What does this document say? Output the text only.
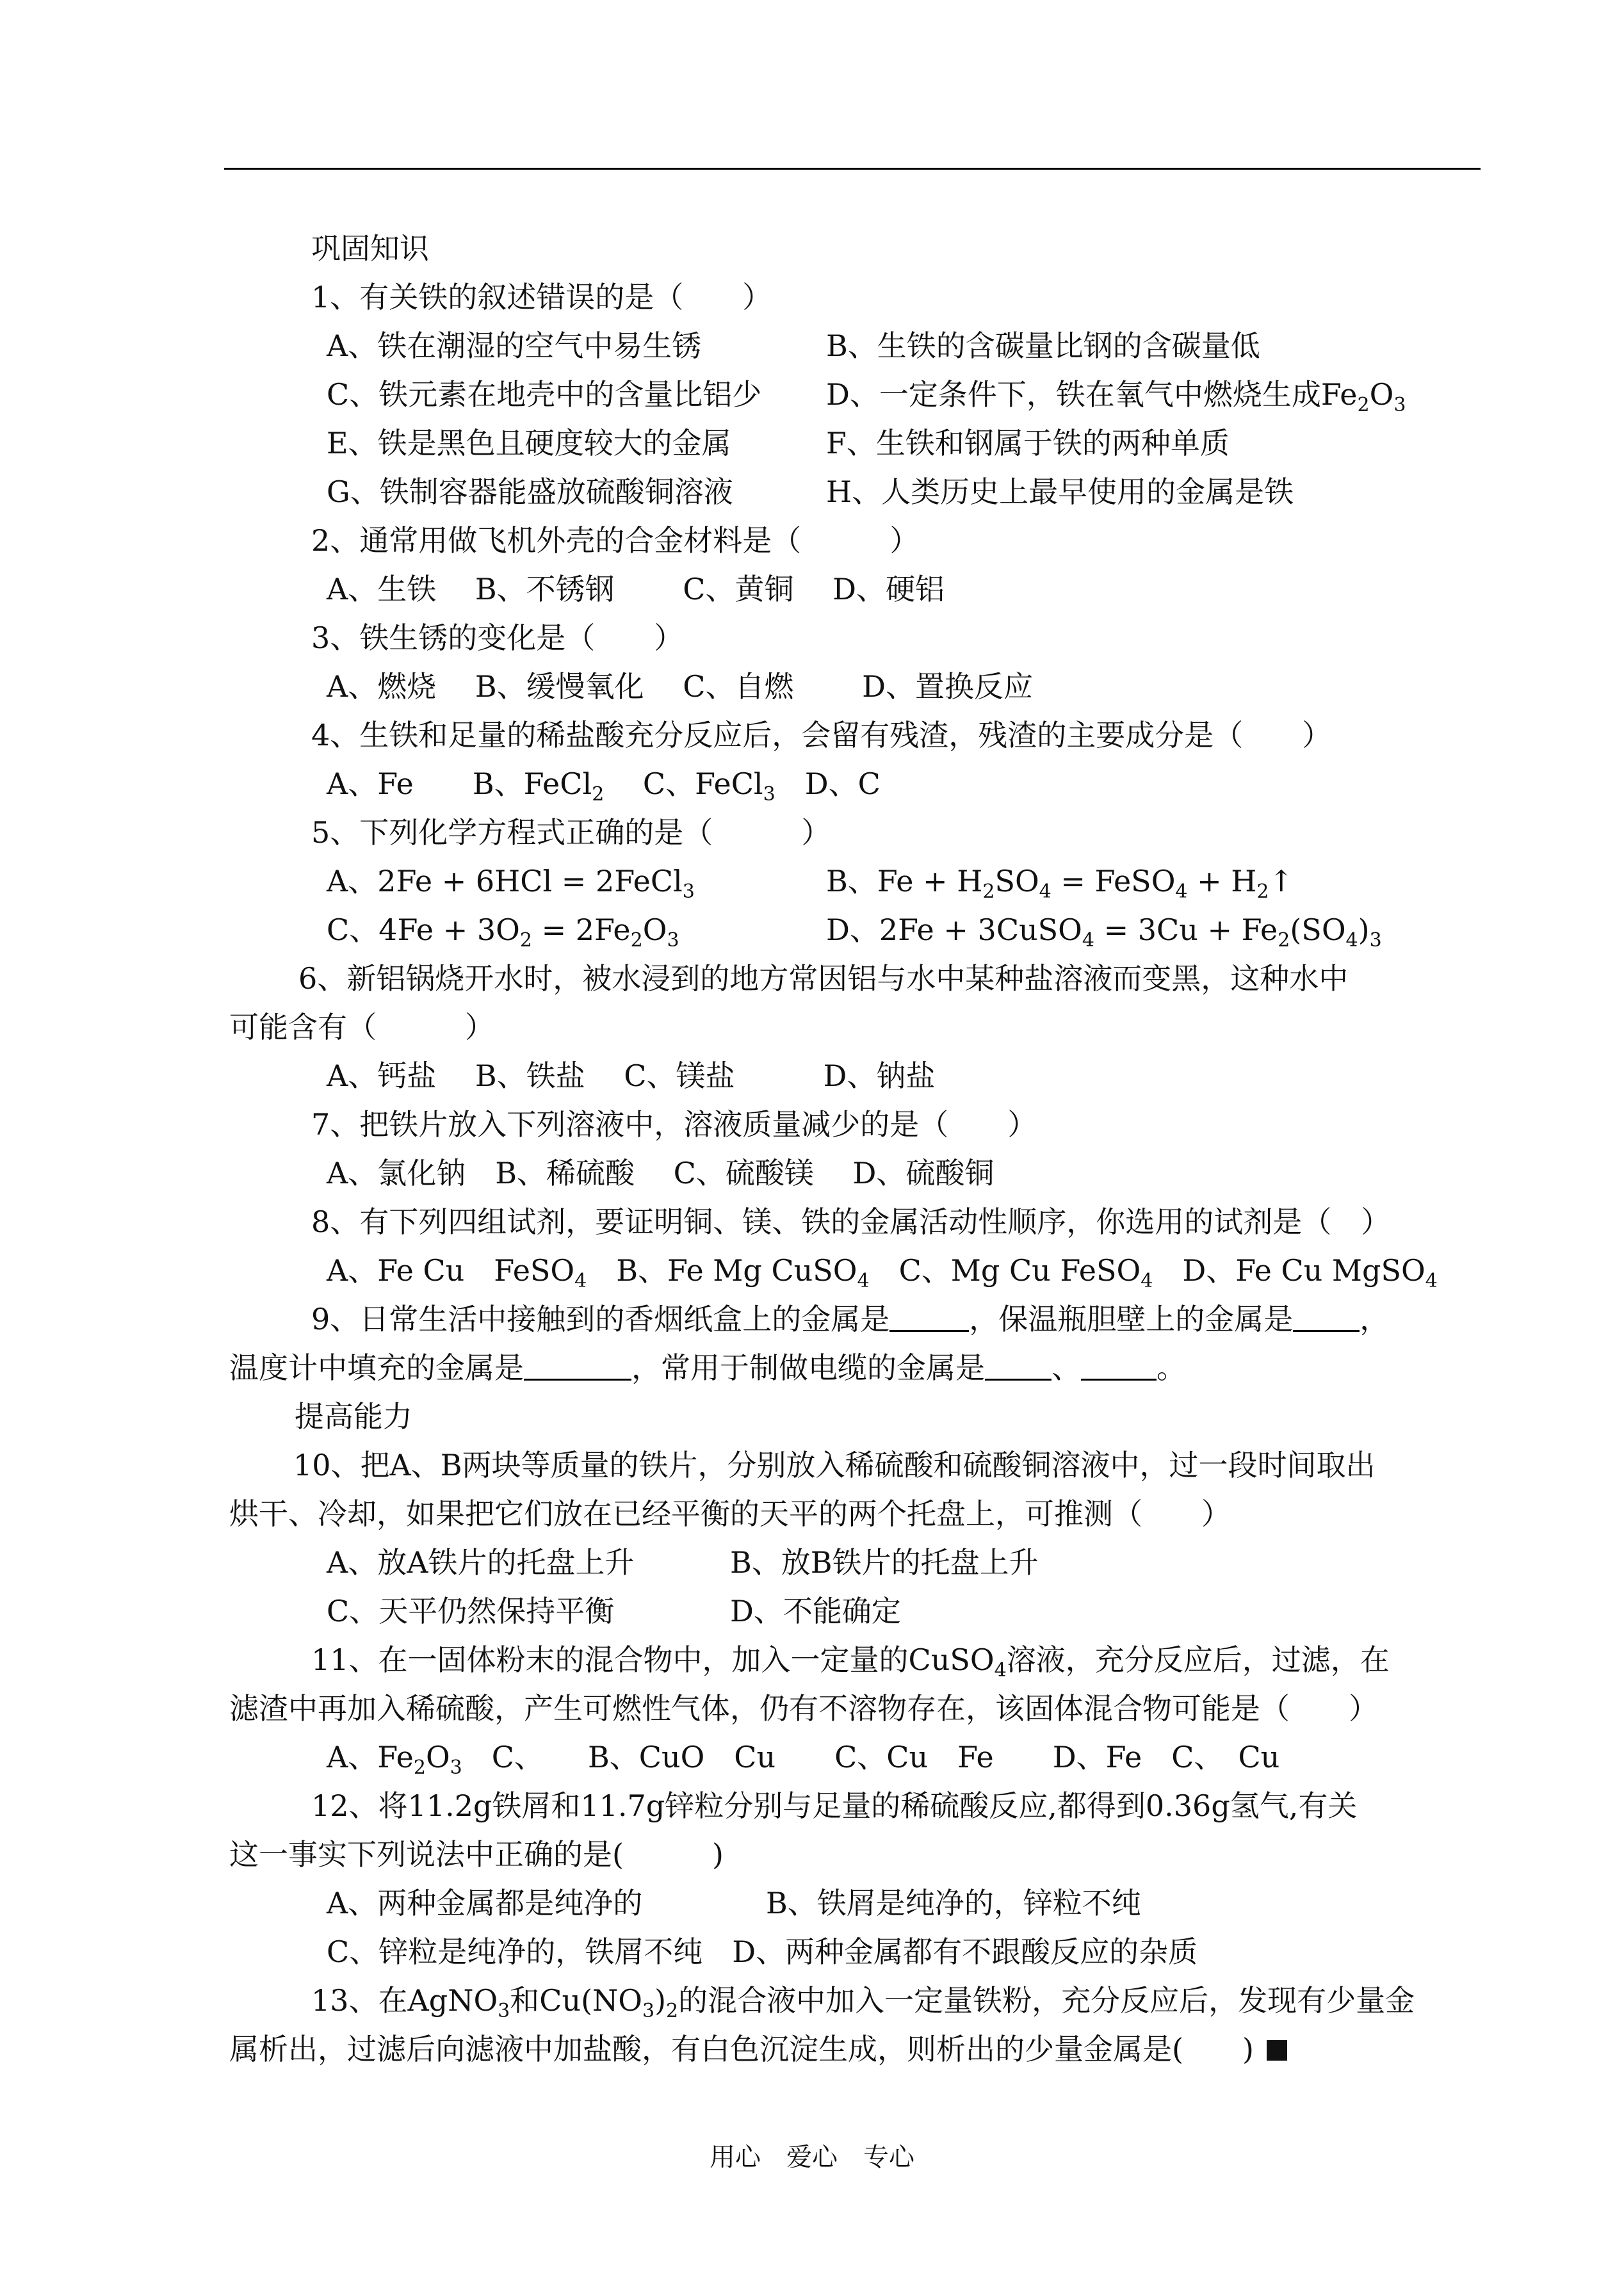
巩固知识
1、有关铁的叙述错误的是（　　）
A、铁在潮湿的空气中易生锈	B、生铁的含碳量比钢的含碳量低
C、铁元素在地壳中的含量比铝少 D、一定条件下，铁在氧气中燃烧生成$Fe_2O_3$
E、铁是黑色且硬度较大的金属	F、生铁和钢属于铁的两种单质
G、铁制容器能盛放硫酸铜溶液	H、人类历史上最早使用的金属是铁
2、通常用做飞机外壳的合金材料是（　　　）
A、生铁　 B、不锈钢　 　C、黄铜　 D、硬铝
3、铁生锈的变化是（　　）
A、燃烧　 B、缓慢氧化　 C、自燃　 　D、置换反应
4、生铁和足量的稀盐酸充分反应后，会留有残渣，残渣的主要成分是（　　）
A、Fe　　B、FeCl$_2$　 C、FeCl$_3$　D、C
5、下列化学方程式正确的是（　　　）
A、2Fe + 6HCl = 2FeCl$_3$	B、$Fe + H_2SO_4$ = FeSO$_4$ + $H_2↑$
C、$4Fe + 3O_2 = 2Fe_2O_3$	D、2Fe + 3CuSO$_4$ = $3Cu + Fe_2(SO_4)_3$
6、新铝锅烧开水时，被水浸到的地方常因铝与水中某种盐溶液而变黑，这种水中
可能含有（　　　）
A、钙盐　 B、铁盐　 C、镁盐　　　D、钠盐
7、把铁片放入下列溶液中，溶液质量减少的是（　　）
A、氯化钠　B、稀硫酸　 C、硫酸镁　 D、硫酸铜
8、有下列四组试剂，要证明铜、镁、铁的金属活动性顺序，你选用的试剂是（　）
A、Fe Cu　FeSO$_4$　B、Fe Mg CuSO$_4$　C、Mg Cu FeSO$_4$　D、Fe Cu MgSO$_4$
9、日常生活中接触到的香烟纸盒上的金属是	，保温瓶胆壁上的金属是 ，
温度计中填充的金属是	，常用于制做电缆的金属是 、	。
提高能力
10、把A、B两块等质量的铁片，分别放入稀硫酸和硫酸铜溶液中，过一段时间取出
烘干、冷却，如果把它们放在已经平衡的天平的两个托盘上，可推测（　　）
A、放A铁片的托盘上升	B、放B铁片的托盘上升
C、天平仍然保持平衡	D、不能确定
11、在一固体粉末的混合物中，加入一定量的CuSO$_4$溶液，充分反应后，过滤，在
滤渣中再加入稀硫酸，产生可燃性气体，仍有不溶物存在，该固体混合物可能是（　　）
A、$Fe_2O_3$　C、　　B、CuO　Cu　　C、Cu　Fe　　D、Fe　C、　Cu
12、将11.2g铁屑和11.7g锌粒分别与足量的稀硫酸反应,都得到0.36g氢气,有关
这一事实下列说法中正确的是(　　　)
A、两种金属都是纯净的	B、铁屑是纯净的，锌粒不纯
C、锌粒是纯净的，铁屑不纯　D、两种金属都有不跟酸反应的杂质
13、在AgNO$_3$和$Cu(NO_3)_2$的混合液中加入一定量铁粉，充分反应后，发现有少量金
属析出，过滤后向滤液中加盐酸，有白色沉淀生成，则析出的少量金属是(　　)
用心　爱心　专心
